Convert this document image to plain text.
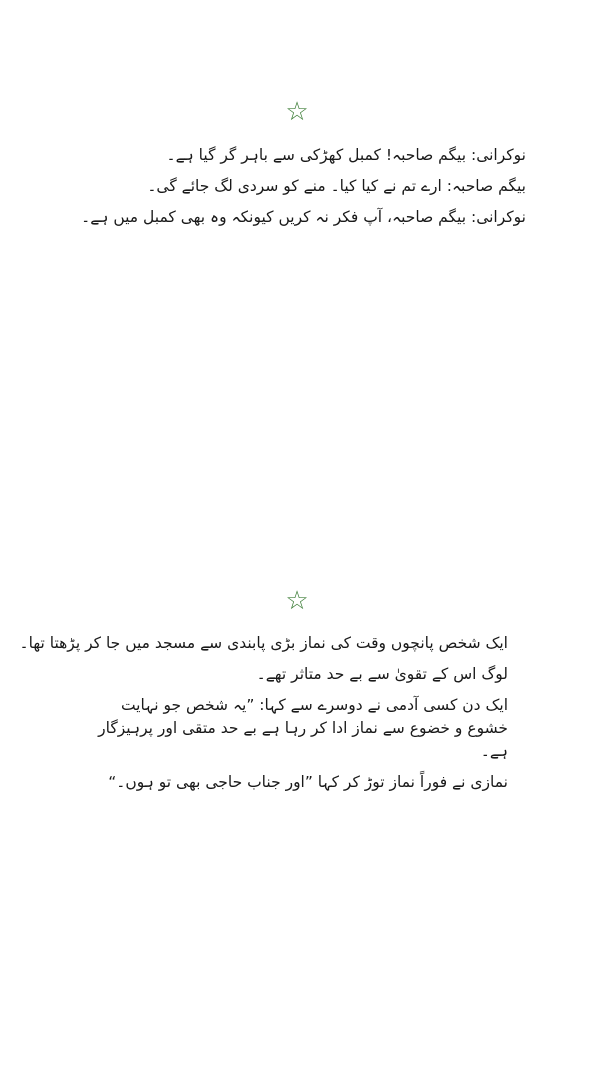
☆

نوکرانی: بیگم صاحبہ! کمبل کھڑکی سے باہر گر گیا ہے۔

بیگم صاحبہ: ارے تم نے کیا کیا۔ منے کو سردی لگ جائے گی۔

نوکرانی: بیگم صاحبہ، آپ فکر نہ کریں کیونکہ وہ بھی کمبل میں ہے۔

☆

ایک شخص پانچوں وقت کی نماز بڑی پابندی سے مسجد میں جا کر پڑھتا تھا۔

لوگ اس کے تقویٰ سے بے حد متاثر تھے۔

ایک دن کسی آدمی نے دوسرے سے کہا: ”یہ شخص جو نہایت خشوع و خضوع سے نماز ادا کر رہا ہے بے حد متقی اور پرہیزگار ہے۔

نمازی نے فوراً نماز توڑ کر کہا ”اور جناب حاجی بھی تو ہوں۔“
